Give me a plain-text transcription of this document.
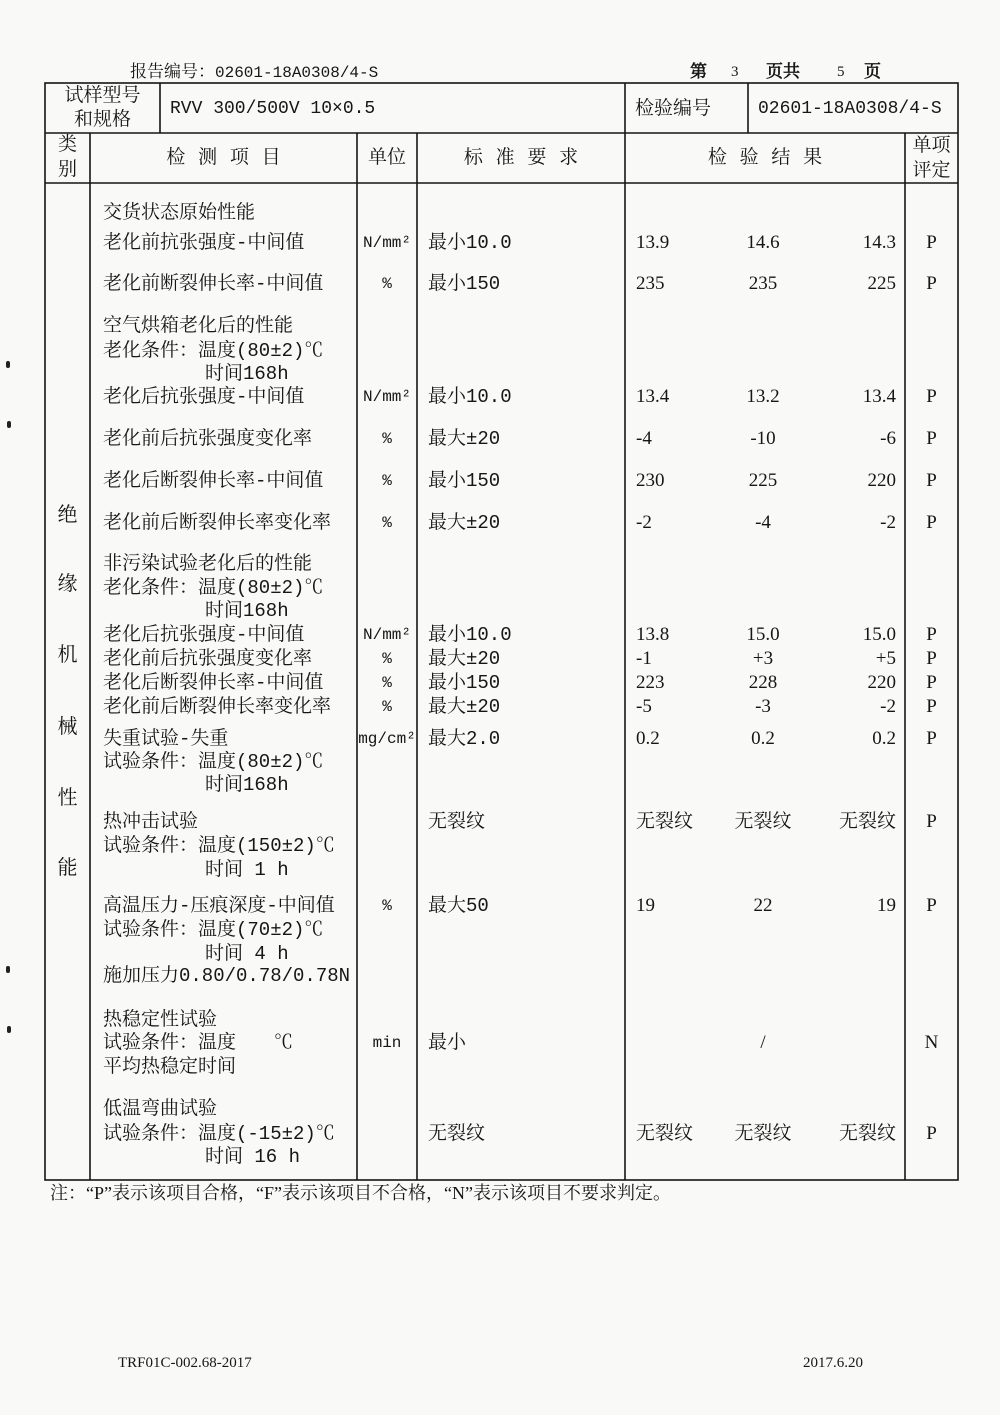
报告编号：02601-18A0308/4-S	第 3 页共 5 页
试样型号
和规格	RVV 300/500V 10×0.5	检验编号	02601-18A0308/4-S
类
别
检 测 项 目	单位	标 准 要 求	检 验 结 果
单项
评定
绝
缘
机
械
性
能
交货状态原始性能
老化前抗张强度-中间值	N/mm² 最小10.0	13.9	14.6	14.3	P
老化前断裂伸长率-中间值	%	最小150	235	235	225	P
空气烘箱老化后的性能
老化条件：温度(80±2)℃
时间168h
老化后抗张强度-中间值	N/mm² 最小10.0	13.4	13.2	13.4	P
老化前后抗张强度变化率	%	最大±20	-4	-10	-6	P
老化后断裂伸长率-中间值	%	最小150	230	225	220	P
老化前后断裂伸长率变化率	%	最大±20	-2	-4	-2	P
非污染试验老化后的性能
老化条件：温度(80±2)℃
时间168h
老化后抗张强度-中间值	N/mm² 最小10.0	13.8	15.0	15.0	P
老化前后抗张强度变化率	%	最大±20	-1	+3	+5	P
老化后断裂伸长率-中间值	%	最小150	223	228	220	P
老化前后断裂伸长率变化率	%	最大±20	-5	-3	-2	P
失重试验-失重	mg/cm² 最大2.0	0.2	0.2	0.2	P
试验条件：温度(80±2)℃
时间168h
热冲击试验	无裂纹	无裂纹	无裂纹	无裂纹	P
试验条件：温度(150±2)℃
时间 1 h
高温压力-压痕深度-中间值	%	最大50	19	22	19	P
试验条件：温度(70±2)℃
时间 4 h
施加压力0.80/0.78/0.78N
热稳定性试验
试验条件：温度　　℃	min	最小	/	N
平均热稳定时间
低温弯曲试验
试验条件：温度(-15±2)℃	无裂纹	无裂纹	无裂纹	无裂纹	P
时间 16 h
注：“P”表示该项目合格，“F”表示该项目不合格，“N”表示该项目不要求判定。
TRF01C-002.68-2017	2017.6.20
